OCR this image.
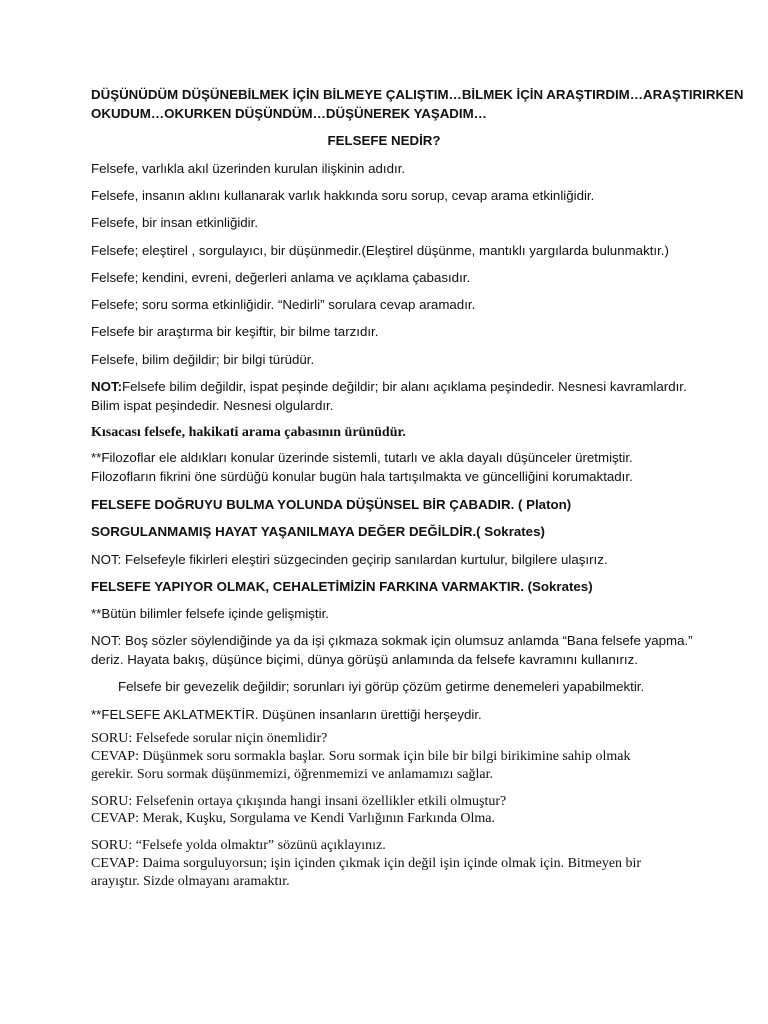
DÜŞÜNÜDÜM DÜŞÜNEBİLMEK İÇİN BİLMEYE ÇALIŞTIM…BİLMEK İÇİN ARAŞTIRDIM…ARAŞTIRIRKEN

OKUDUM…OKURKEN DÜŞÜNDÜM…DÜŞÜNEREK YAŞADIM…

FELSEFE NEDİR?

Felsefe, varlıkla akıl üzerinden kurulan ilişkinin adıdır.

Felsefe, insanın aklını kullanarak varlık hakkında soru sorup, cevap arama etkinliğidir.

Felsefe, bir insan etkinliğidir.

Felsefe; eleştirel , sorgulayıcı, bir düşünmedir.(Eleştirel düşünme, mantıklı yargılarda bulunmaktır.)

Felsefe; kendini, evreni, değerleri anlama ve açıklama çabasıdır.

Felsefe; soru sorma etkinliğidir. “Nedirli” sorulara cevap aramadır.

Felsefe bir araştırma bir keşiftir, bir bilme tarzıdır.

Felsefe, bilim değildir; bir bilgi türüdür.

NOT:Felsefe bilim değildir, ispat peşinde değildir; bir alanı açıklama peşindedir. Nesnesi kavramlardır.

Bilim ispat peşindedir. Nesnesi olgulardır.

Kısacası felsefe, hakikati arama çabasının ürünüdür.

**Filozoflar ele aldıkları konular üzerinde sistemli, tutarlı ve akla dayalı düşünceler üretmiştir.

Filozofların fikrini öne sürdüğü konular bugün hala tartışılmakta ve güncelliğini korumaktadır.

FELSEFE DOĞRUYU BULMA YOLUNDA DÜŞÜNSEL BİR ÇABADIR. ( Platon)

SORGULANMAMIŞ HAYAT YAŞANILMAYA DEĞER DEĞİLDİR.( Sokrates)

NOT: Felsefeyle fikirleri eleştiri süzgecinden geçirip sanılardan kurtulur, bilgilere ulaşırız.

FELSEFE YAPIYOR OLMAK, CEHALETİMİZİN FARKINA VARMAKTIR. (Sokrates)

**Bütün bilimler felsefe içinde gelişmiştir.

NOT: Boş sözler söylendiğinde ya da işi çıkmaza sokmak için olumsuz anlamda “Bana felsefe yapma.”

deriz. Hayata bakış, düşünce biçimi, dünya görüşü anlamında da felsefe kavramını kullanırız.

Felsefe bir gevezelik değildir; sorunları iyi görüp çözüm getirme denemeleri yapabilmektir.

**FELSEFE AKLATMEKTİR. Düşünen insanların ürettiği herşeydir.

SORU: Felsefede sorular niçin önemlidir?

CEVAP: Düşünmek soru sormakla başlar. Soru sormak için bile bir bilgi birikimine sahip olmak

gerekir. Soru sormak düşünmemizi, öğrenmemizi ve anlamamızı sağlar.

SORU: Felsefenin ortaya çıkışında hangi insani özellikler etkili olmuştur?

CEVAP: Merak, Kuşku, Sorgulama ve Kendi Varlığının Farkında Olma.

SORU: “Felsefe yolda olmaktır” sözünü açıklayınız.

CEVAP: Daima sorguluyorsun; işin içinden çıkmak için değil işin içinde olmak için. Bitmeyen bir

arayıştır. Sizde olmayanı aramaktır.
